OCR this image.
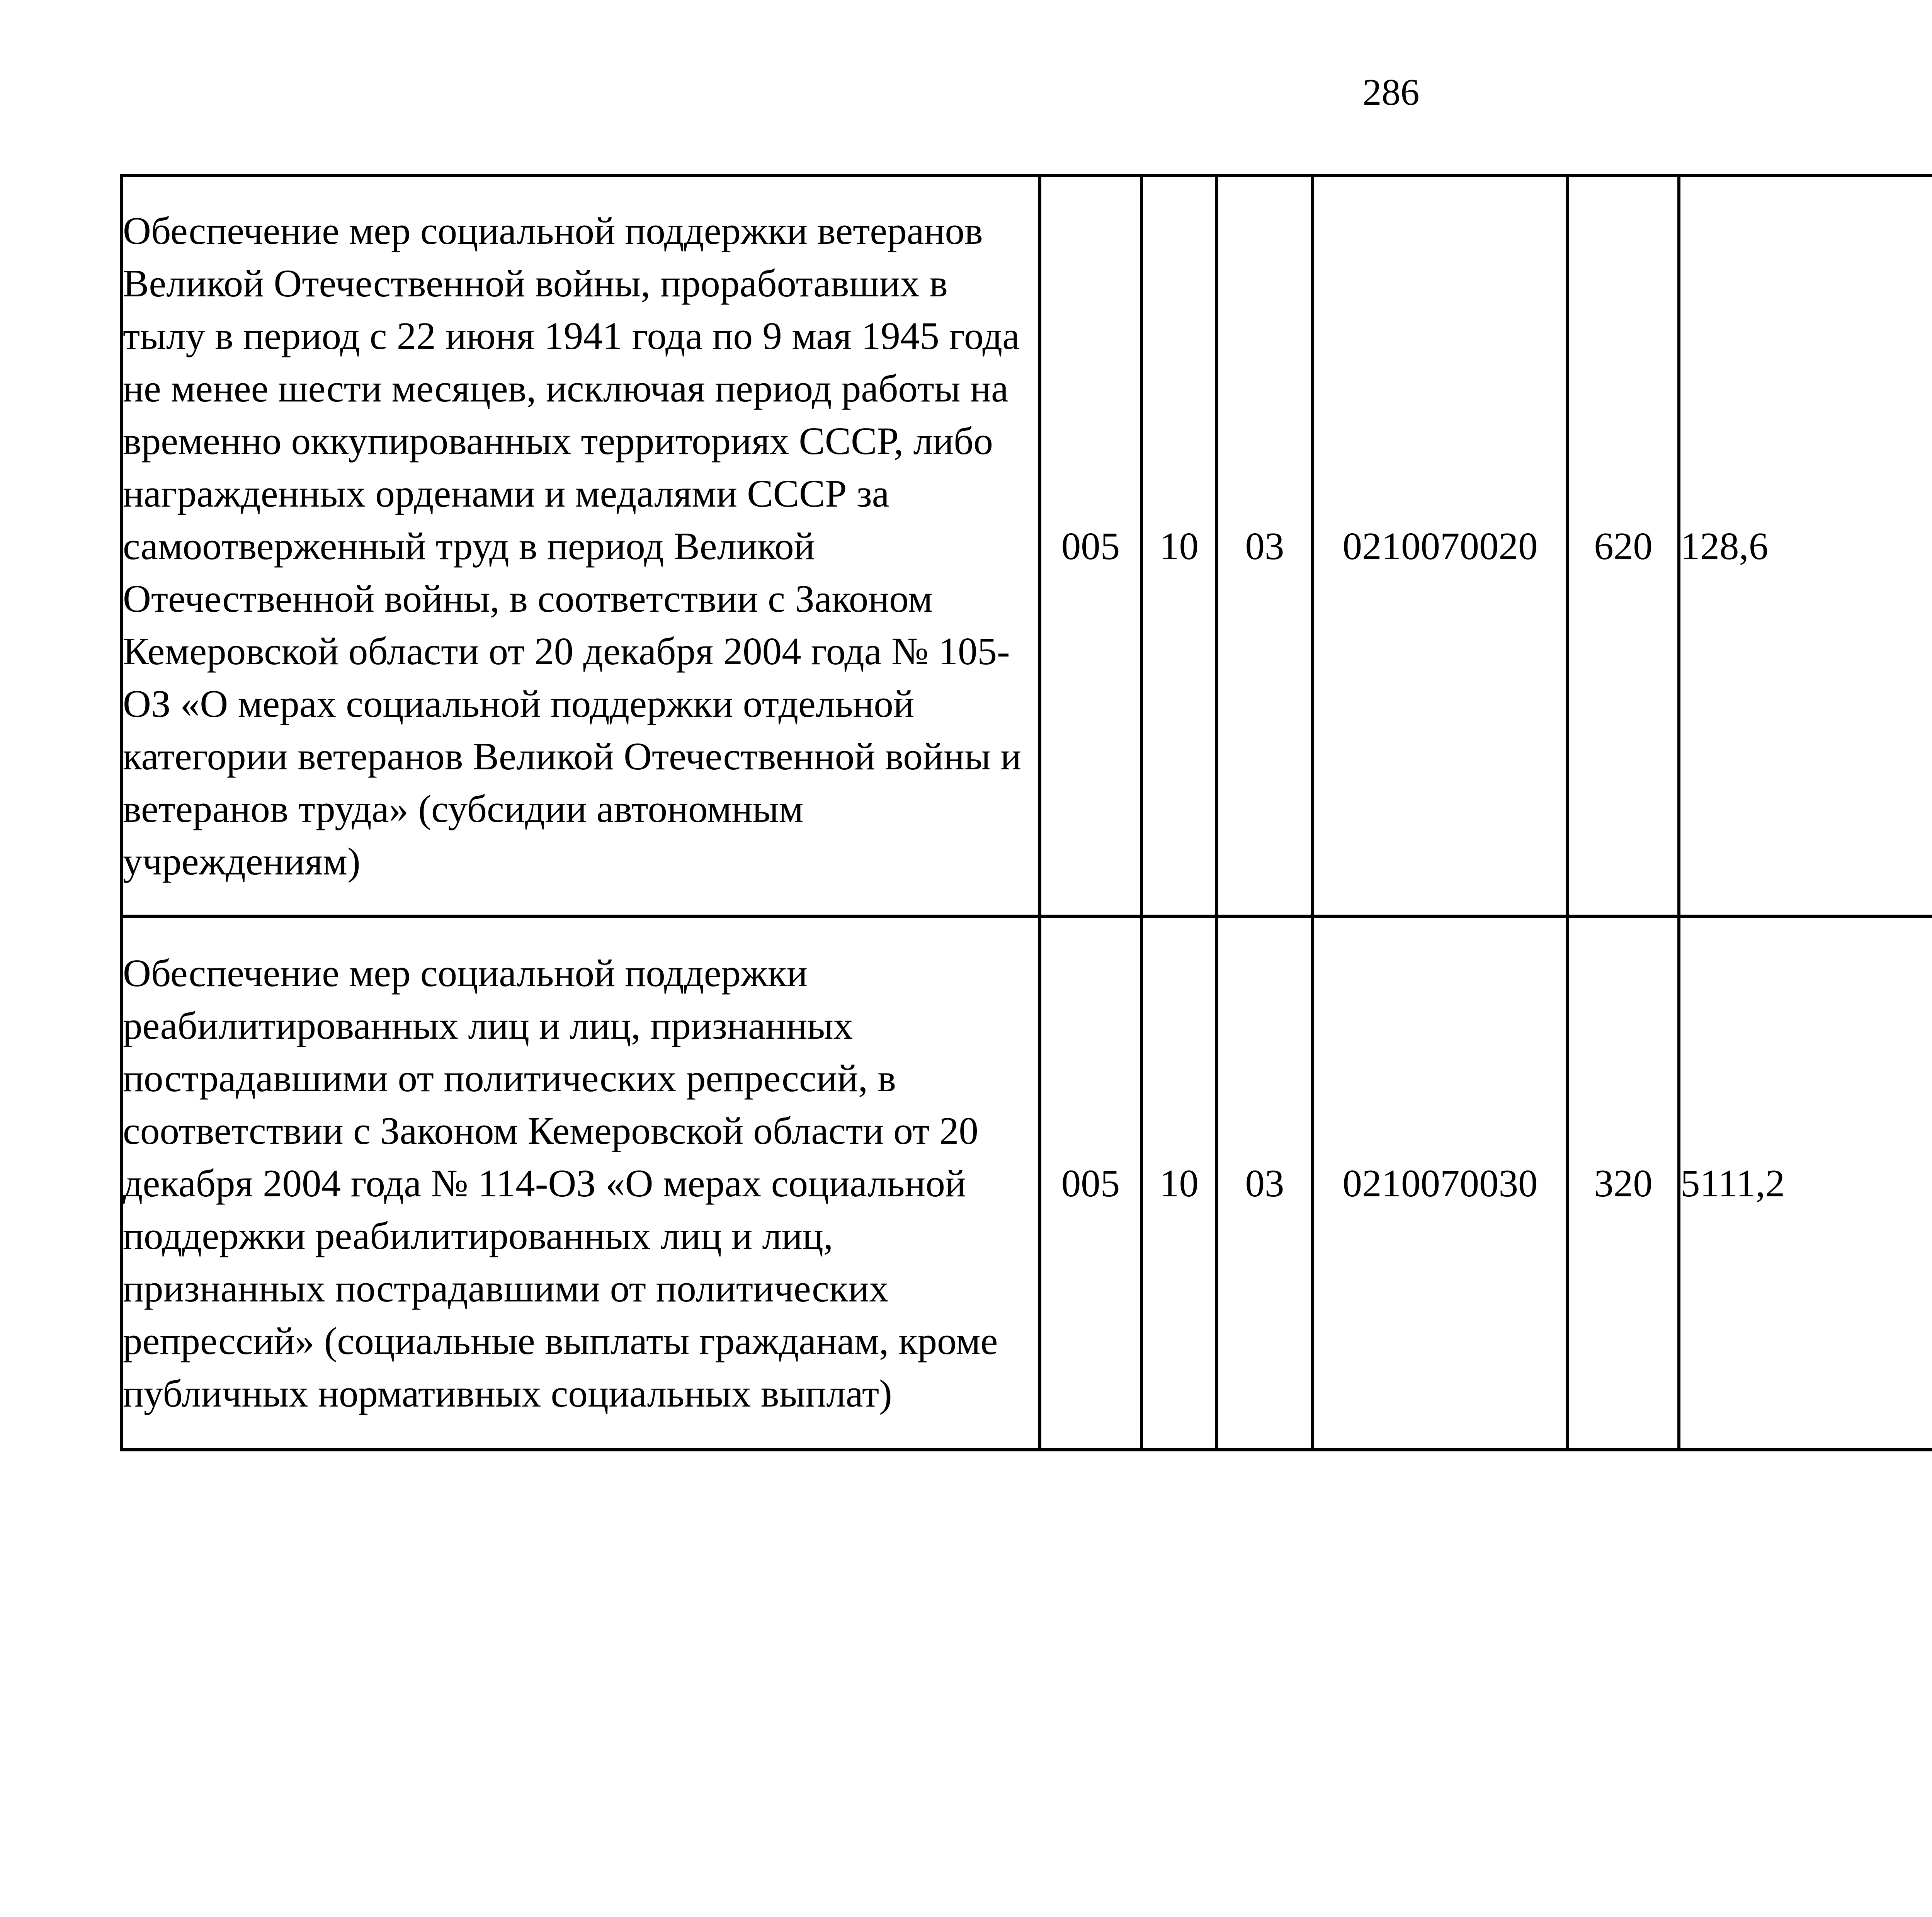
286
Обеспечение мер социальной поддержки ветеранов Великой Отечественной войны, проработавших в тылу в период с 22 июня 1941 года по 9 мая 1945 года не менее шести месяцев, исключая период работы на временно оккупированных территориях СССР, либо награжденных орденами и медалями СССР за самоотверженный труд в период Великой Отечественной войны, в соответствии с Законом Кемеровской области от 20 декабря 2004 года № 105-ОЗ «О мерах социальной поддержки отдельной категории ветеранов Великой Отечественной войны и ветеранов труда» (субсидии автономным учреждениям)	005	10	03	0210070020	620	128,6		
Обеспечение мер социальной поддержки реабилитированных лиц и лиц, признанных пострадавшими от политических репрессий, в соответствии с Законом Кемеровской области от 20 декабря 2004 года № 114-ОЗ «О мерах социальной поддержки реабилитированных лиц и лиц, признанных пострадавшими от политических репрессий» (социальные выплаты гражданам, кроме публичных нормативных социальных выплат)	005	10	03	0210070030	320	5111,2		
